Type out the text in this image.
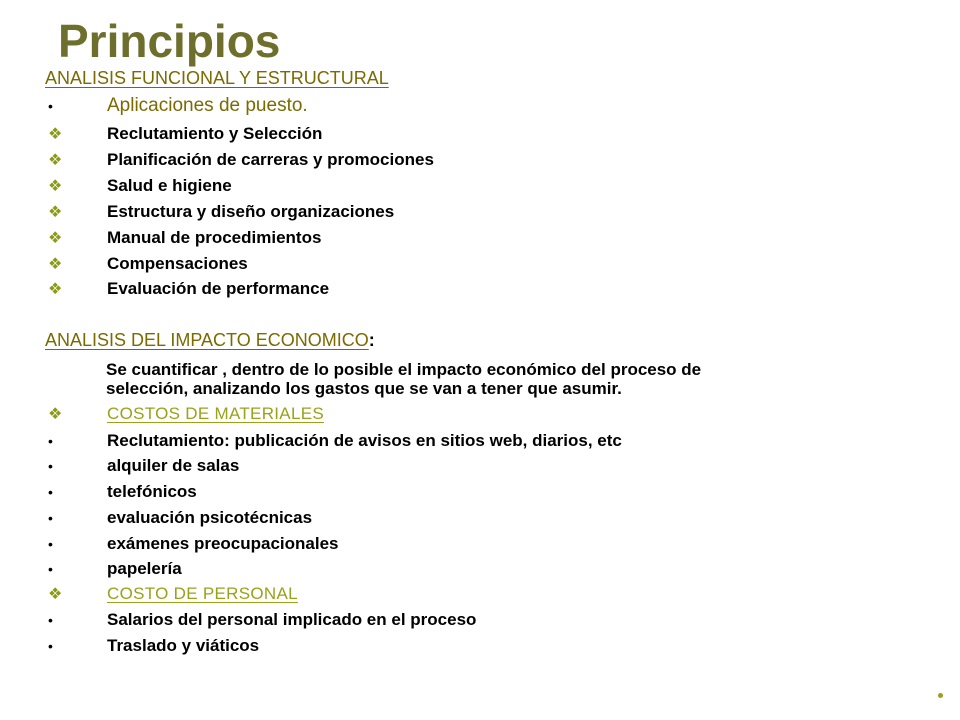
Principios
ANALISIS FUNCIONAL Y ESTRUCTURAL
•	Aplicaciones de puesto.
❖	Reclutamiento y Selección
❖	Planificación de carreras y promociones
❖	Salud e higiene
❖	Estructura y diseño organizaciones
❖	Manual de procedimientos
❖	Compensaciones
❖	Evaluación de performance
ANALISIS DEL IMPACTO ECONOMICO:
Se cuantificar , dentro de lo posible el impacto económico del proceso de
selección, analizando los gastos que se van a tener que asumir.
❖	COSTOS DE MATERIALES
•	Reclutamiento: publicación de avisos en sitios web, diarios, etc
•	alquiler de salas
•	telefónicos
•	evaluación psicotécnicas
•	exámenes preocupacionales
•	papelería
❖	COSTO DE PERSONAL
•	Salarios del personal implicado en el proceso
•	Traslado y viáticos
